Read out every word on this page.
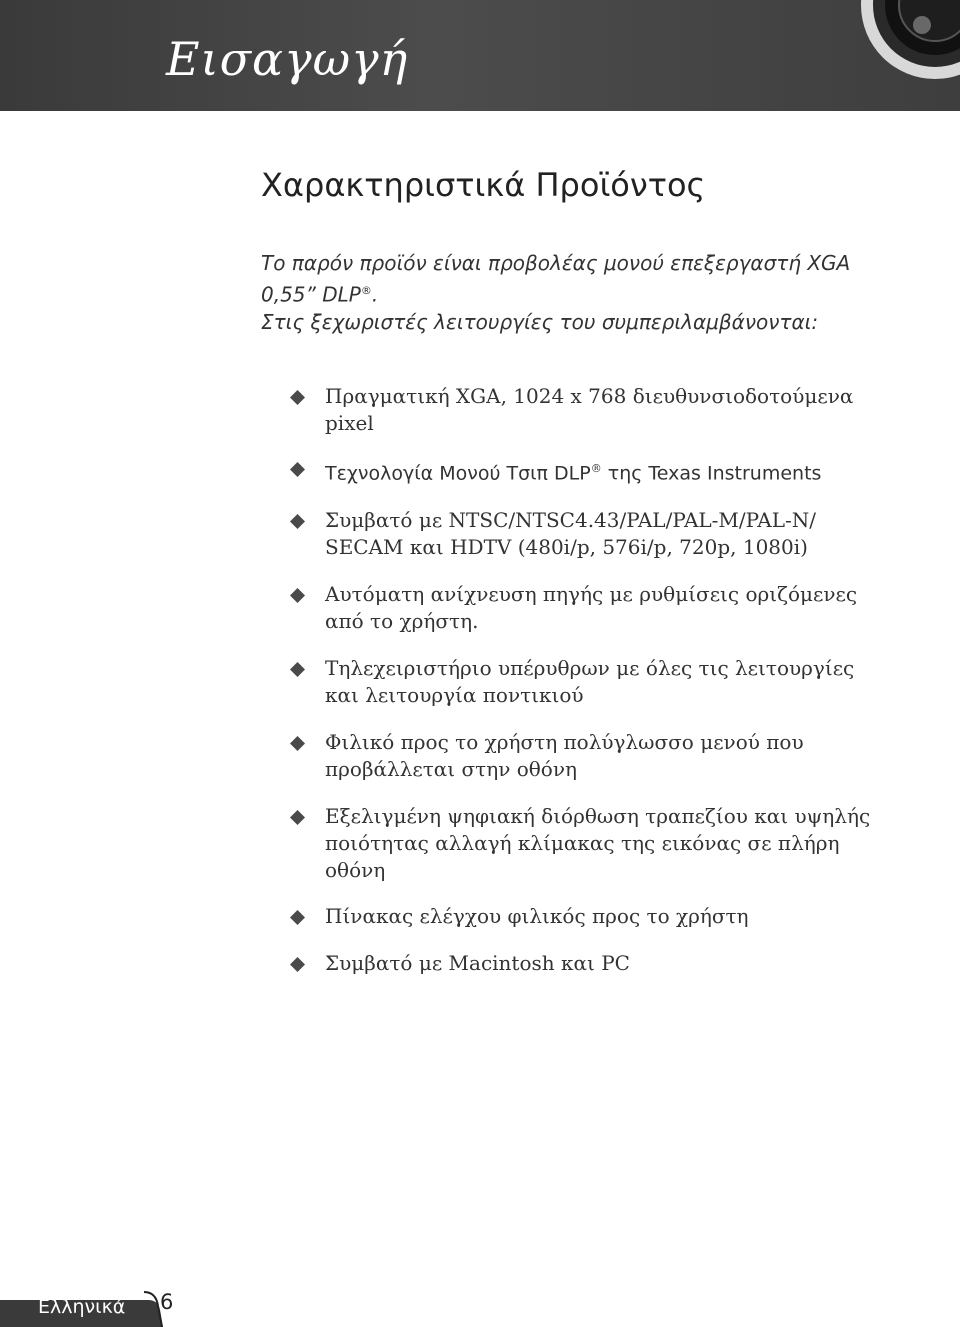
Εισαγωγή
Χαρακτηριστικά Προϊόντος

Το παρόν προϊόν είναι προβολέας μονού επεξεργαστή XGA 0,55” DLP®.

Στις ξεχωριστές λειτουργίες του συμπεριλαμβάνονται:

Πραγματική XGA, 1024 x 768 διευθυνσιοδοτούμενα pixel
Τεχνολογία Μονού Τσιπ DLP® της Texas Instruments
Συμβατό με NTSC/NTSC4.43/PAL/PAL-M/PAL-N/ SECAM και HDTV (480i/p, 576i/p, 720p, 1080i)
Αυτόματη ανίχνευση πηγής με ρυθμίσεις οριζόμενες από το χρήστη.
Τηλεχειριστήριο υπέρυθρων με όλες τις λειτουργίες και λειτουργία ποντικιού
Φιλικό προς το χρήστη πολύγλωσσο μενού που προβάλλεται στην οθόνη
Εξελιγμένη ψηφιακή διόρθωση τραπεζίου και υψηλής ποιότητας αλλαγή κλίμακας της εικόνας σε πλήρη οθόνη
Πίνακας ελέγχου φιλικός προς το χρήστη
Συμβατό με Macintosh και PC
Ελληνικά 6
